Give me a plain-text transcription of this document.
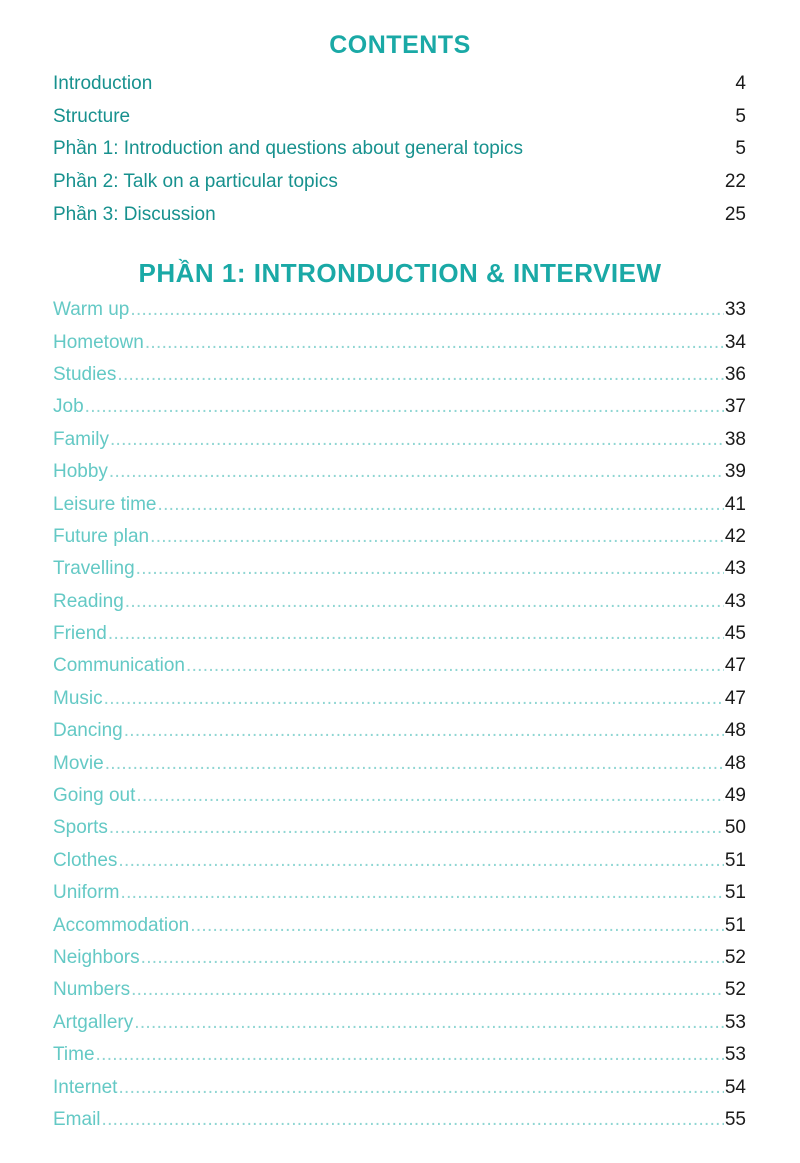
CONTENTS
Introduction	4
Structure	5
Phần 1: Introduction and questions about general topics	5
Phần 2: Talk on a particular topics	22
Phần 3: Discussion	25
PHẦN 1: INTRONDUCTION & INTERVIEW
Warm up .....	33
Hometown .....	34
Studies .....	36
Job .....	37
Family .....	38
Hobby .....	39
Leisure time .....	41
Future plan .....	42
Travelling .....	43
Reading .....	43
Friend .....	45
Communication .....	47
Music .....	47
Dancing .....	48
Movie .....	48
Going out .....	49
Sports .....	50
Clothes .....	51
Uniform .....	51
Accommodation .....	51
Neighbors .....	52
Numbers .....	52
Artgallery .....	53
Time .....	53
Internet .....	54
Email .....	55
